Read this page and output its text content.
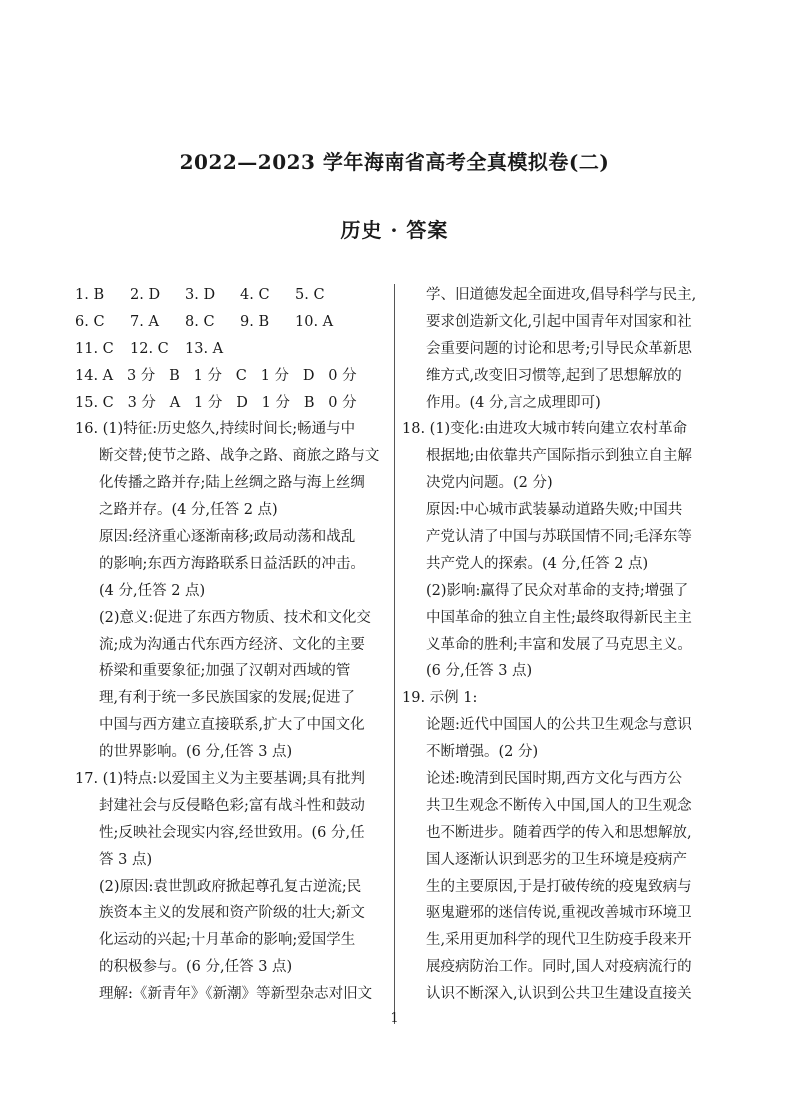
2022—2023 学年海南省高考全真模拟卷(二)
历史 · 答案
1. B 2. D 3. D 4. C 5. C
6. C 7. A 8. C 9. B 10. A
11. C 12. C 13. A
14. A   3 分   B   1 分   C   1 分   D   0 分
15. C   3 分   A   1 分   D   1 分   B   0 分
16. (1)特征:历史悠久,持续时间长;畅通与中
断交替;使节之路、战争之路、商旅之路与文
化传播之路并存;陆上丝绸之路与海上丝绸
之路并存。(4 分,任答 2 点)
原因:经济重心逐渐南移;政局动荡和战乱
的影响;东西方海路联系日益活跃的冲击。
(4 分,任答 2 点)
(2)意义:促进了东西方物质、技术和文化交
流;成为沟通古代东西方经济、文化的主要
桥梁和重要象征;加强了汉朝对西域的管
理,有利于统一多民族国家的发展;促进了
中国与西方建立直接联系,扩大了中国文化
的世界影响。(6 分,任答 3 点)
17. (1)特点:以爱国主义为主要基调;具有批判
封建社会与反侵略色彩;富有战斗性和鼓动
性;反映社会现实内容,经世致用。(6 分,任
答 3 点)
(2)原因:袁世凯政府掀起尊孔复古逆流;民
族资本主义的发展和资产阶级的壮大;新文
化运动的兴起;十月革命的影响;爱国学生
的积极参与。(6 分,任答 3 点)
理解:《新青年》《新潮》等新型杂志对旧文
学、旧道德发起全面进攻,倡导科学与民主,
要求创造新文化,引起中国青年对国家和社
会重要问题的讨论和思考;引导民众革新思
维方式,改变旧习惯等,起到了思想解放的
作用。(4 分,言之成理即可)
18. (1)变化:由进攻大城市转向建立农村革命
根据地;由依靠共产国际指示到独立自主解
决党内问题。(2 分)
原因:中心城市武装暴动道路失败;中国共
产党认清了中国与苏联国情不同;毛泽东等
共产党人的探索。(4 分,任答 2 点)
(2)影响:赢得了民众对革命的支持;增强了
中国革命的独立自主性;最终取得新民主主
义革命的胜利;丰富和发展了马克思主义。
(6 分,任答 3 点)
19. 示例 1:
论题:近代中国国人的公共卫生观念与意识
不断增强。(2 分)
论述:晚清到民国时期,西方文化与西方公
共卫生观念不断传入中国,国人的卫生观念
也不断进步。随着西学的传入和思想解放,
国人逐渐认识到恶劣的卫生环境是疫病产
生的主要原因,于是打破传统的疫鬼致病与
驱鬼避邪的迷信传说,重视改善城市环境卫
生,采用更加科学的现代卫生防疫手段来开
展疫病防治工作。同时,国人对疫病流行的
认识不断深入,认识到公共卫生建设直接关
1
